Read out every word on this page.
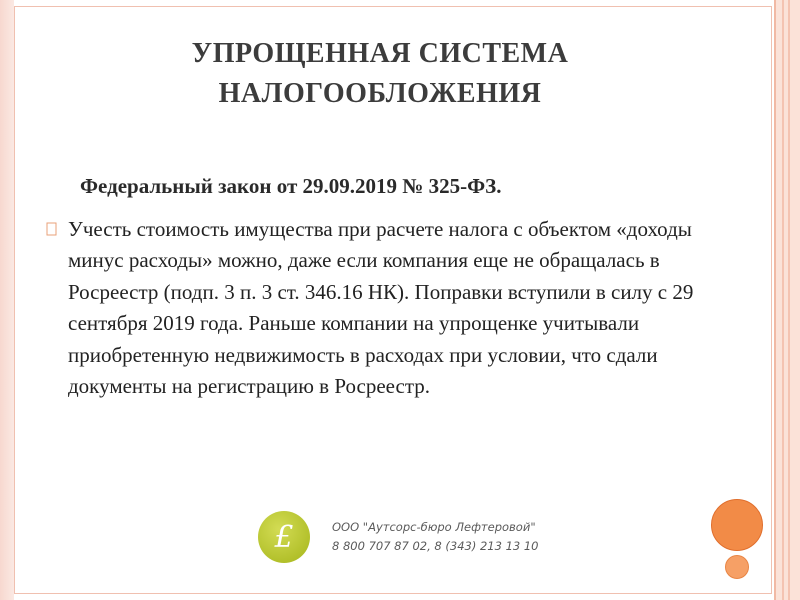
УПРОЩЕННАЯ СИСТЕМА
НАЛОГООБЛОЖЕНИЯ
Федеральный закон от 29.09.2019 № 325-ФЗ.
Учесть стоимость имущества при расчете налога с объектом «доходы минус расходы» можно, даже если компания еще не обращалась в Росреестр (подп. 3 п. 3 ст. 346.16 НК). Поправки вступили в силу с 29 сентября 2019 года. Раньше компании на упрощенке учитывали приобретенную недвижимость в расходах при условии, что сдали документы на регистрацию в Росреестр.
£	ООО "Аутсорс-бюро Лефтеровой"
8 800 707 87 02, 8 (343) 213 13 10
